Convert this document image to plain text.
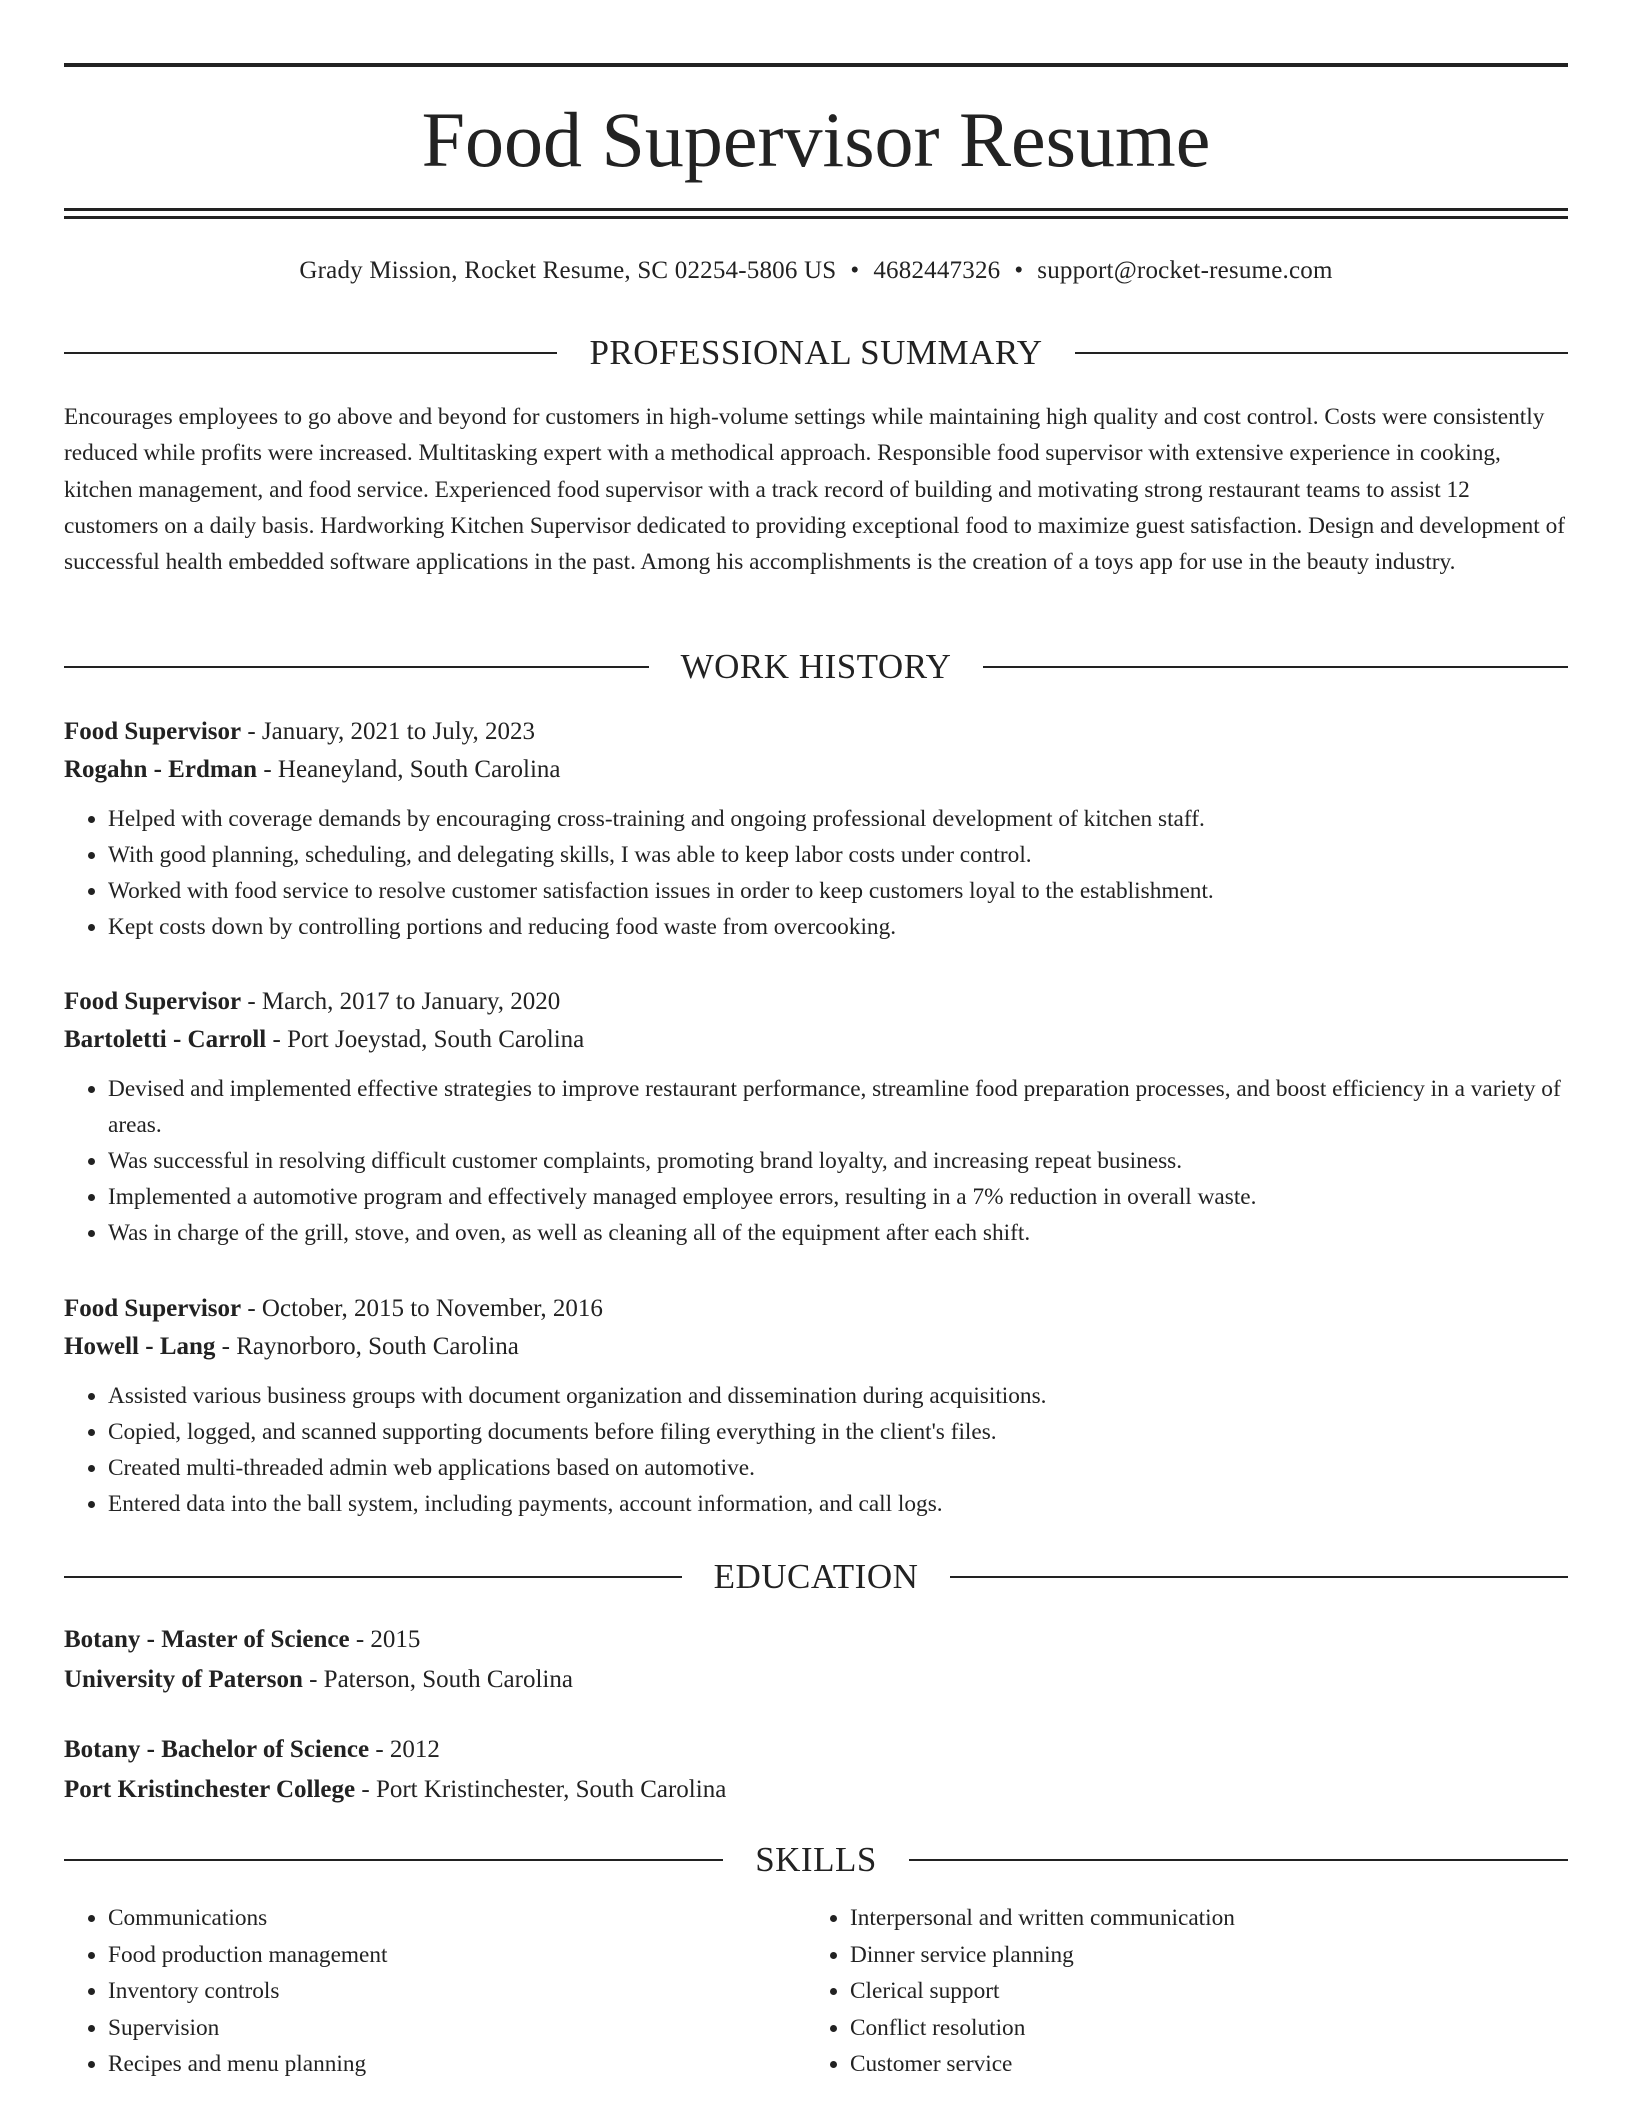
Food Supervisor Resume
Grady Mission, Rocket Resume, SC 02254-5806 US • 4682447326 • support@rocket-resume.com
PROFESSIONAL SUMMARY

Encourages employees to go above and beyond for customers in high-volume settings while maintaining high quality and cost control. Costs were consistently reduced while profits were increased. Multitasking expert with a methodical approach. Responsible food supervisor with extensive experience in cooking, kitchen management, and food service. Experienced food supervisor with a track record of building and motivating strong restaurant teams to assist 12 customers on a daily basis. Hardworking Kitchen Supervisor dedicated to providing exceptional food to maximize guest satisfaction. Design and development of successful health embedded software applications in the past. Among his accomplishments is the creation of a toys app for use in the beauty industry.

WORK HISTORY

Food Supervisor - January, 2021 to July, 2023

Rogahn - Erdman - Heaneyland, South Carolina

• Helped with coverage demands by encouraging cross-training and ongoing professional development of kitchen staff.
• With good planning, scheduling, and delegating skills, I was able to keep labor costs under control.
• Worked with food service to resolve customer satisfaction issues in order to keep customers loyal to the establishment.
• Kept costs down by controlling portions and reducing food waste from overcooking.

Food Supervisor - March, 2017 to January, 2020

Bartoletti - Carroll - Port Joeystad, South Carolina

• Devised and implemented effective strategies to improve restaurant performance, streamline food preparation processes, and boost efficiency in a variety of areas.
• Was successful in resolving difficult customer complaints, promoting brand loyalty, and increasing repeat business.
• Implemented a automotive program and effectively managed employee errors, resulting in a 7% reduction in overall waste.
• Was in charge of the grill, stove, and oven, as well as cleaning all of the equipment after each shift.

Food Supervisor - October, 2015 to November, 2016

Howell - Lang - Raynorboro, South Carolina

• Assisted various business groups with document organization and dissemination during acquisitions.
• Copied, logged, and scanned supporting documents before filing everything in the client's files.
• Created multi-threaded admin web applications based on automotive.
• Entered data into the ball system, including payments, account information, and call logs.
EDUCATION

Botany - Master of Science - 2015

University of Paterson - Paterson, South Carolina

Botany - Bachelor of Science - 2012

Port Kristinchester College - Port Kristinchester, South Carolina

SKILLS
• Communications
• Food production management
• Inventory controls
• Supervision
• Recipes and menu planning
• Interpersonal and written communication
• Dinner service planning
• Clerical support
• Conflict resolution
• Customer service
